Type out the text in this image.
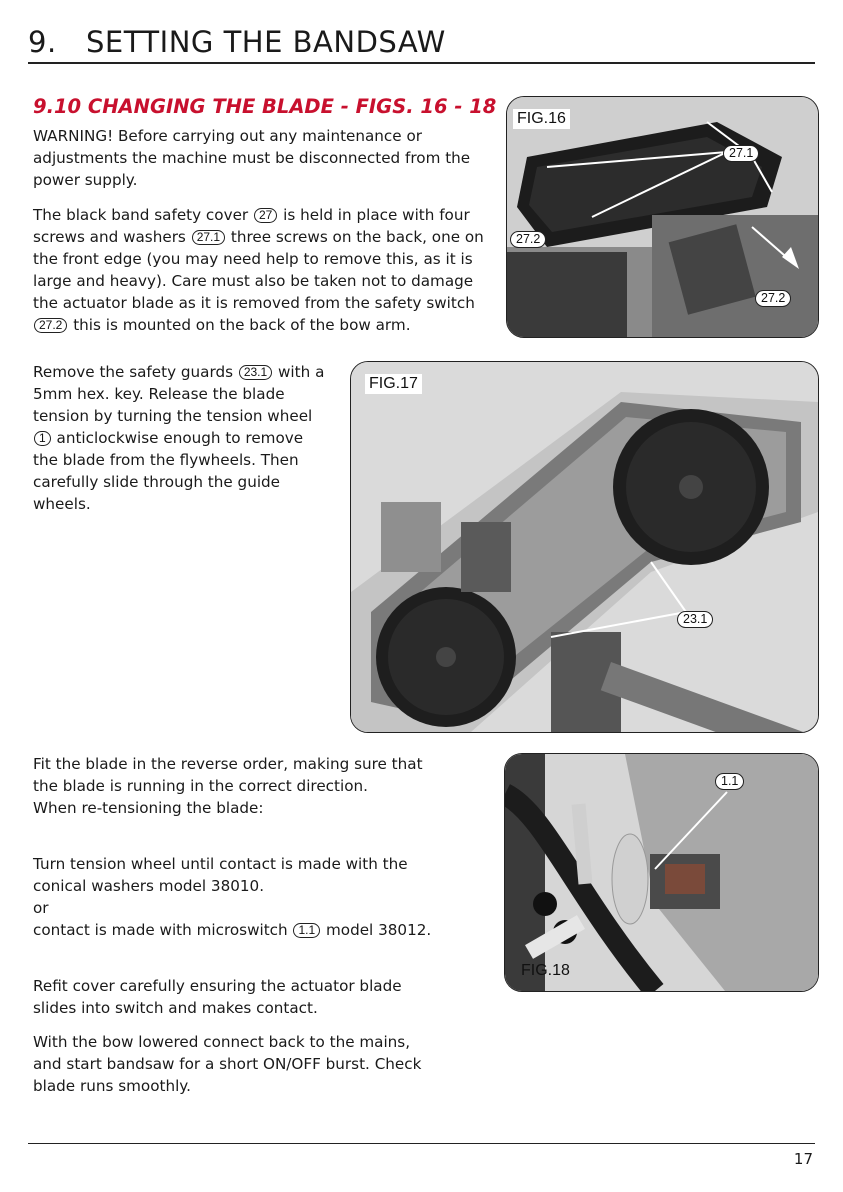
9. SETTING THE BANDSAW
9.10 CHANGING THE BLADE - FIGS. 16 - 18

WARNING! Before carrying out any maintenance or adjustments the machine must be disconnected from the power supply.

The black band safety cover 27 is held in place with four screws and washers 27.1 three screws on the back, one on the front edge (you may need help to remove this, as it is large and heavy). Care must also be taken not to damage the actuator blade as it is removed from the safety switch 27.2 this is mounted on the back of the bow arm.

Remove the safety guards 23.1 with a 5mm hex. key. Release the blade tension by turning the tension wheel 1 anticlockwise enough to remove the blade from the flywheels. Then carefully slide through the guide wheels.

Fit the blade in the reverse order, making sure that the blade is running in the correct direction.
When re-tensioning the blade:

Turn tension wheel until contact is made with the conical washers model 38010.
or
contact is made with microswitch 1.1 model 38012.

Refit cover carefully ensuring the actuator blade slides into switch and makes contact.

With the bow lowered connect back to the mains, and start bandsaw for a short ON/OFF burst. Check blade runs smoothly.

FIG.16
27.1
27.2
27.2
FIG.17
23.1
1.1
FIG.18
17
